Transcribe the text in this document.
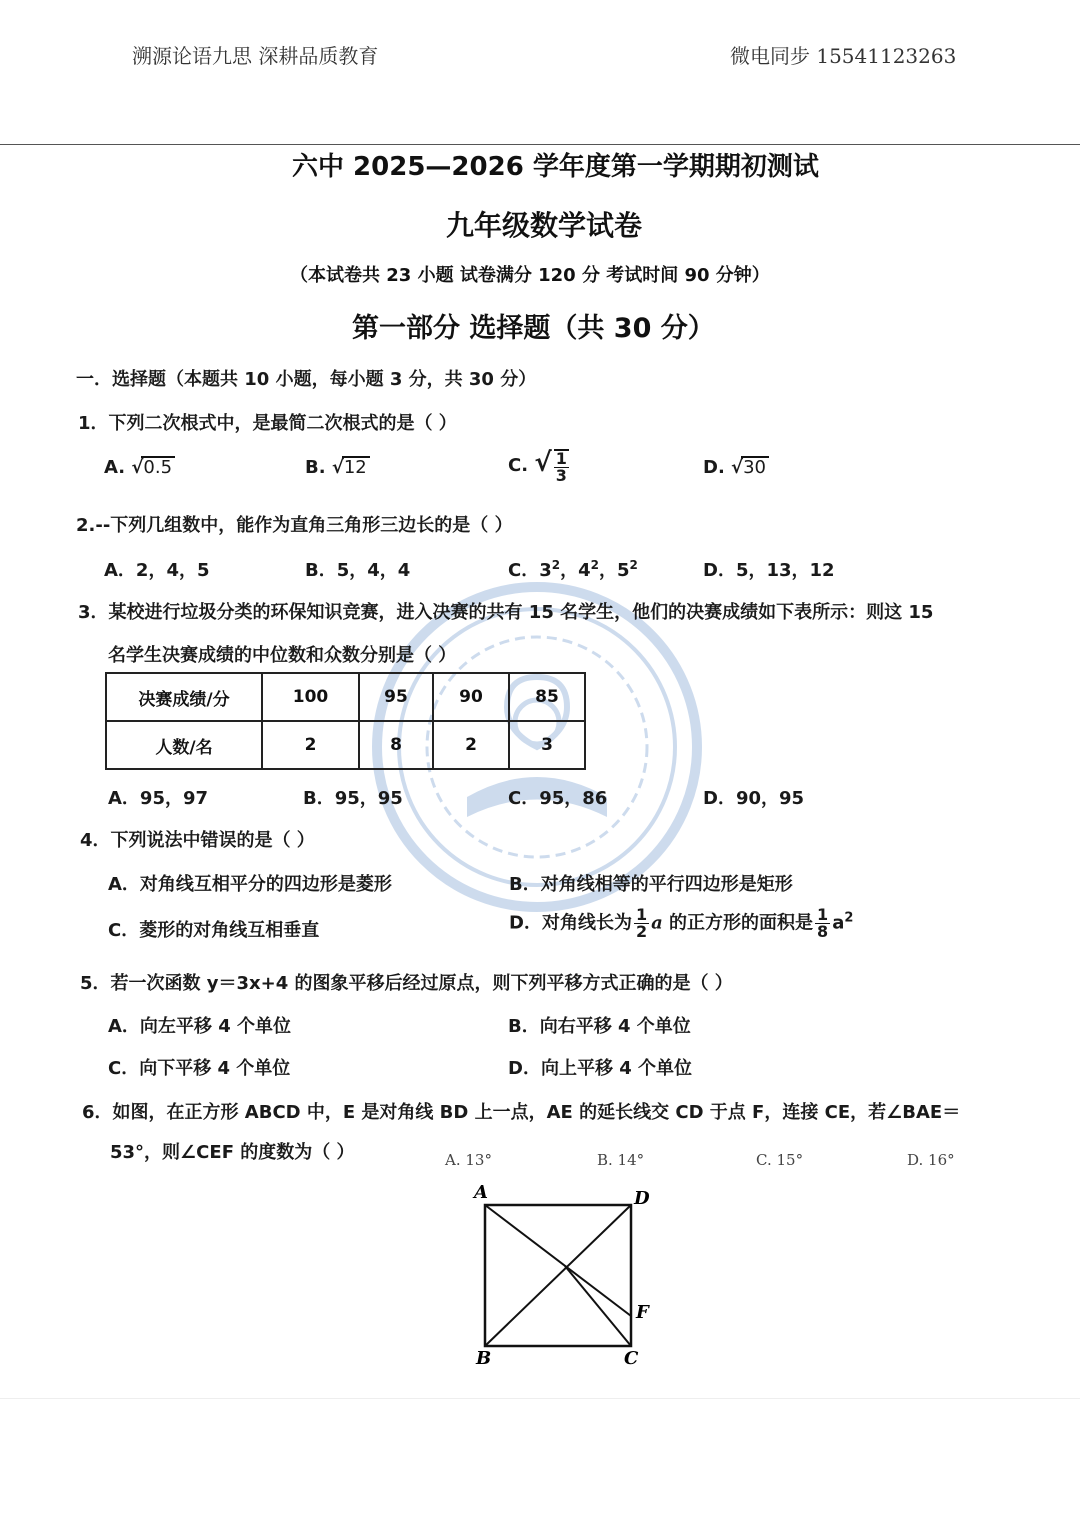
溯源论语九思 深耕品质教育	微电同步 15541123263
六中 2025—2026 学年度第一学期期初测试
九年级数学试卷
（本试卷共 23 小题 试卷满分 120 分 考试时间 90 分钟）
第一部分 选择题（共 30 分）
一．选择题（本题共 10 小题，每小题 3 分，共 30 分）
1．下列二次根式中，是最简二次根式的是（ ）
A. √0.5	B. √12	C. √ $\frac{1}{3}$	D. √30
2.--下列几组数中，能作为直角三角形三边长的是（ ）
A．2，4，5	B．5，4，4	C．$3^2$，$4^2$，$5^2$	D．5，13，12
3．某校进行垃圾分类的环保知识竞赛，进入决赛的共有 15 名学生，他们的决赛成绩如下表所示：则这 15
名学生决赛成绩的中位数和众数分别是（ ）
决赛成绩/分	100	95	90	85
人数/名	2	8	2	3
A．95，97	B．95，95	C．95，86	D．90，95
4．下列说法中错误的是（ ）
A．对角线互相平分的四边形是菱形	B．对角线相等的平行四边形是矩形
C．菱形的对角线互相垂直	D．对角线长为 $\frac{1}{2}$ a 的正方形的面积是 $\frac{1}{8} a^2$
5．若一次函数 y＝3x+4 的图象平移后经过原点，则下列平移方式正确的是（ ）
A．向左平移 4 个单位	B．向右平移 4 个单位
C．向下平移 4 个单位	D．向上平移 4 个单位
6．如图，在正方形 ABCD 中，E 是对角线 BD 上一点，AE 的延长线交 CD 于点 F，连接 CE，若∠BAE＝
53°，则∠CEF 的度数为（ ）	A. 13°	B. 14°	C. 15°	D. 16°
A	D
F
B	C
